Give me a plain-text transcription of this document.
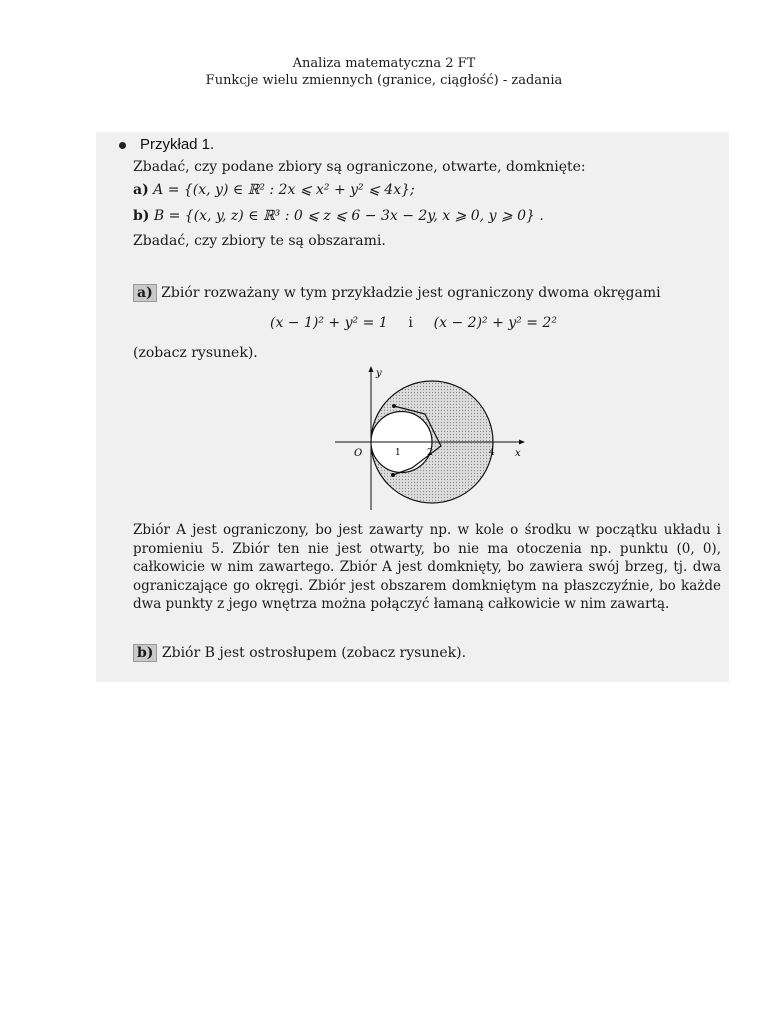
Analiza matematyczna 2 FT
Funkcje wielu zmiennych (granice, ciągłość) - zadania
Przykład 1.
Zbadać, czy podane zbiory są ograniczone, otwarte, domknięte:
a) A = {(x, y) ∈ ℝ² : 2x ⩽ x² + y² ⩽ 4x};
b) B = {(x, y, z) ∈ ℝ³ : 0 ⩽ z ⩽ 6 − 3x − 2y, x ⩾ 0, y ⩾ 0} .
Zbadać, czy zbiory te są obszarami.
a) Zbiór rozważany w tym przykładzie jest ograniczony dwoma okręgami
(x − 1)² + y² = 1 i (x − 2)² + y² = 2²
(zobacz rysunek).
y
x
O	1	2	4
Zbiór A jest ograniczony, bo jest zawarty np. w kole o środku w początku układu i promieniu 5. Zbiór ten nie jest otwarty, bo nie ma otoczenia np. punktu (0, 0), całkowicie w nim zawartego. Zbiór A jest domknięty, bo zawiera swój brzeg, tj. dwa ograniczające go okręgi. Zbiór jest obszarem domkniętym na płaszczyźnie, bo każde dwa punkty z jego wnętrza można połączyć łamaną całkowicie w nim zawartą.
b) Zbiór B jest ostrosłupem (zobacz rysunek).
